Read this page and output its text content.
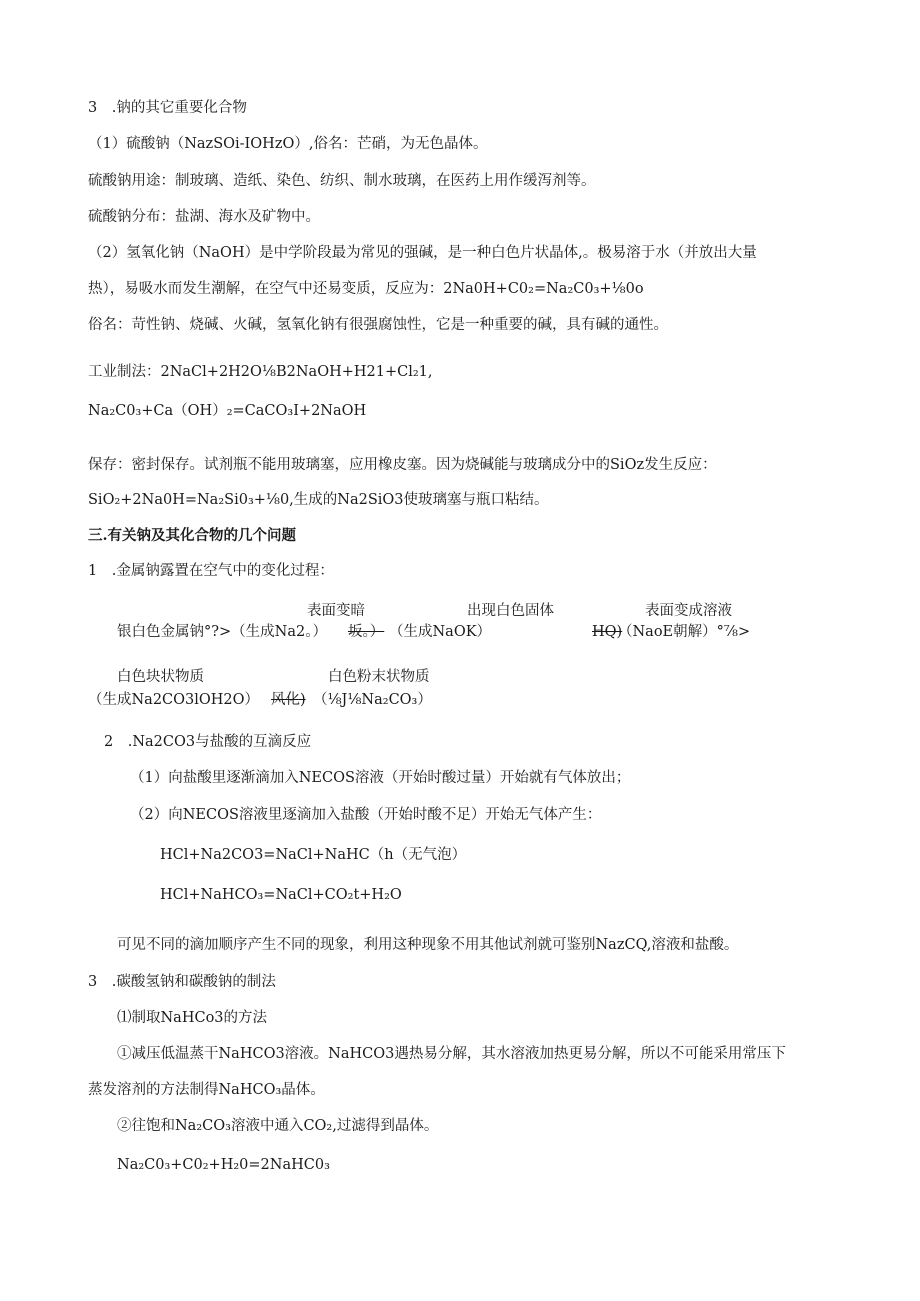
3　.钠的其它重要化合物
（1）硫酸钠（NazSOi-IOHzO）,俗名：芒硝，为无色晶体。
硫酸钠用途：制玻璃、造纸、染色、纺织、制水玻璃，在医药上用作缓泻剂等。
硫酸钠分布：盐湖、海水及矿物中。
（2）氢氧化钠（NaOH）是中学阶段最为常见的强碱，是一种白色片状晶体,。极易溶于水（并放出大量
热），易吸水而发生潮解，在空气中还易变质，反应为：2Na0H+C0₂=Na₂C0₃+⅛0o
俗名：苛性钠、烧碱、火碱，氢氧化钠有很强腐蚀性，它是一种重要的碱，具有碱的通性。
工业制法：2NaCl+2H2O⅛B2NaOH+H21+Cl₂1,
Na₂C0₃+Ca（OH）₂=CaCO₃I+2NaOH
保存：密封保存。试剂瓶不能用玻璃塞，应用橡皮塞。因为烧碱能与玻璃成分中的SiOz发生反应：
SiO₂+2Na0H=Na₂Si0₃+⅛0,生成的Na2SiO3使玻璃塞与瓶口粘结。
三.有关钠及其化合物的几个问题
1　.金属钠露置在空气中的变化过程：
表面变暗	出现白色固体	表面变成溶液
银白色金属钠°?>（生成Na2。） 坂。） （生成NaOK）	HQ)
（NaoE朝解）°⅞>
白色块状物质	白色粉末状物质
（生成Na2CO3lOH2O） 风化) （⅛J⅛Na₂CO₃）
2　.Na2CO3与盐酸的互滴反应
（1）向盐酸里逐渐滴加入NECOS溶液（开始时酸过量）开始就有气体放出；
（2）向NECOS溶液里逐滴加入盐酸（开始时酸不足）开始无气体产生：
HCl+Na2CO3=NaCl+NaHC（h（无气泡）
HCl+NaHCO₃=NaCl+CO₂t+H₂O
可见不同的滴加顺序产生不同的现象，利用这种现象不用其他试剂就可鉴别NazCQ,溶液和盐酸。
3　.碳酸氢钠和碳酸钠的制法
⑴制取NaHCo3的方法
①减压低温蒸干NaHCO3溶液。NaHCO3遇热易分解，其水溶液加热更易分解，所以不可能采用常压下
蒸发溶剂的方法制得NaHCO₃晶体。
②往饱和Na₂CO₃溶液中通入CO₂,过滤得到晶体。
Na₂C0₃+C0₂+H₂0=2NaHC0₃
